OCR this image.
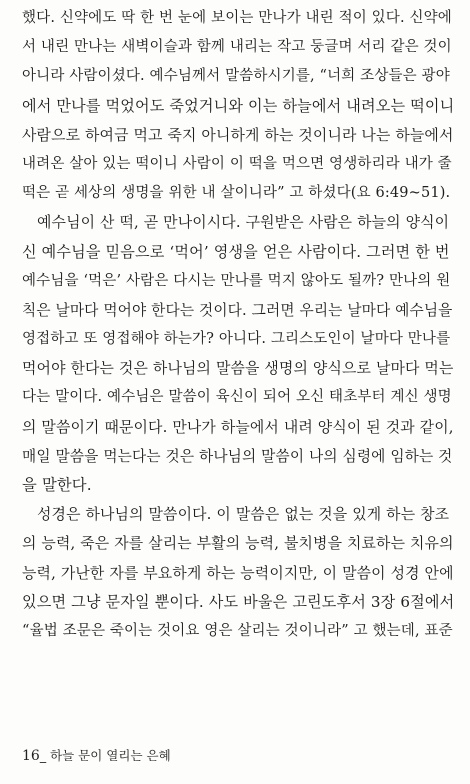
했다. 신약에도 딱 한 번 눈에 보이는 만나가 내린 적이 있다. 신약에

서 내린 만나는 새벽이슬과 함께 내리는 작고 둥글며 서리 같은 것이

아니라 사람이셨다. 예수님께서 말씀하시기를, “너희 조상들은 광야

에서 만나를 먹었어도 죽었거니와 이는 하늘에서 내려오는 떡이니

사람으로 하여금 먹고 죽지 아니하게 하는 것이니라 나는 하늘에서

내려온 살아 있는 떡이니 사람이 이 떡을 먹으면 영생하리라 내가 줄

떡은 곧 세상의 생명을 위한 내 살이니라” 고 하셨다(요 6:49~51).

예수님이 산 떡, 곧 만나이시다. 구원받은 사람은 하늘의 양식이

신 예수님을 믿음으로 ‘먹어’ 영생을 얻은 사람이다. 그러면 한 번

예수님을 ‘먹은’ 사람은 다시는 만나를 먹지 않아도 될까? 만나의 원

칙은 날마다 먹어야 한다는 것이다. 그러면 우리는 날마다 예수님을

영접하고 또 영접해야 하는가? 아니다. 그리스도인이 날마다 만나를

먹어야 한다는 것은 하나님의 말씀을 생명의 양식으로 날마다 먹는

다는 말이다. 예수님은 말씀이 육신이 되어 오신 태초부터 계신 생명

의 말씀이기 때문이다. 만나가 하늘에서 내려 양식이 된 것과 같이,

매일 말씀을 먹는다는 것은 하나님의 말씀이 나의 심령에 임하는 것

을 말한다.

성경은 하나님의 말씀이다. 이 말씀은 없는 것을 있게 하는 창조

의 능력, 죽은 자를 살리는 부활의 능력, 불치병을 치료하는 치유의

능력, 가난한 자를 부요하게 하는 능력이지만, 이 말씀이 성경 안에

있으면 그냥 문자일 뿐이다. 사도 바울은 고린도후서 3장 6절에서

“율법 조문은 죽이는 것이요 영은 살리는 것이니라” 고 했는데, 표준

16_ 하늘 문이 열리는 은혜
